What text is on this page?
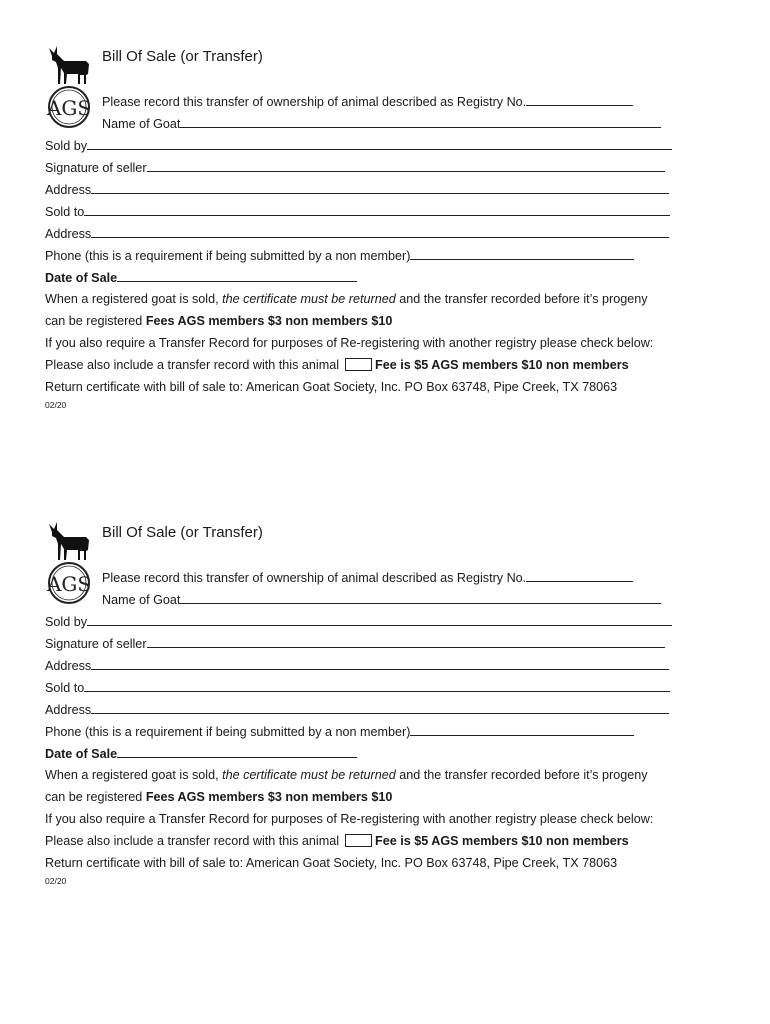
AGS
Bill Of Sale (or Transfer)
Please record this transfer of ownership of animal described as Registry No.
Name of Goat
Sold by
Signature of seller
Address
Sold to
Address
Phone (this is a requirement if being submitted by a non member)
Date of Sale
When a registered goat is sold, the certificate must be returned and the transfer recorded before it’s progeny
can be registered Fees AGS members $3 non members $10
If you also require a Transfer Record for purposes of Re-registering with another registry please check below:
Please also include a transfer record with this animal	Fee is $5 AGS members $10 non members
Return certificate with bill of sale to: American Goat Society, Inc. PO Box 63748, Pipe Creek, TX 78063
02/20
AGS
Bill Of Sale (or Transfer)
Please record this transfer of ownership of animal described as Registry No.
Name of Goat
Sold by
Signature of seller
Address
Sold to
Address
Phone (this is a requirement if being submitted by a non member)
Date of Sale
When a registered goat is sold, the certificate must be returned and the transfer recorded before it’s progeny
can be registered Fees AGS members $3 non members $10
If you also require a Transfer Record for purposes of Re-registering with another registry please check below:
Please also include a transfer record with this animal	Fee is $5 AGS members $10 non members
Return certificate with bill of sale to: American Goat Society, Inc. PO Box 63748, Pipe Creek, TX 78063
02/20
